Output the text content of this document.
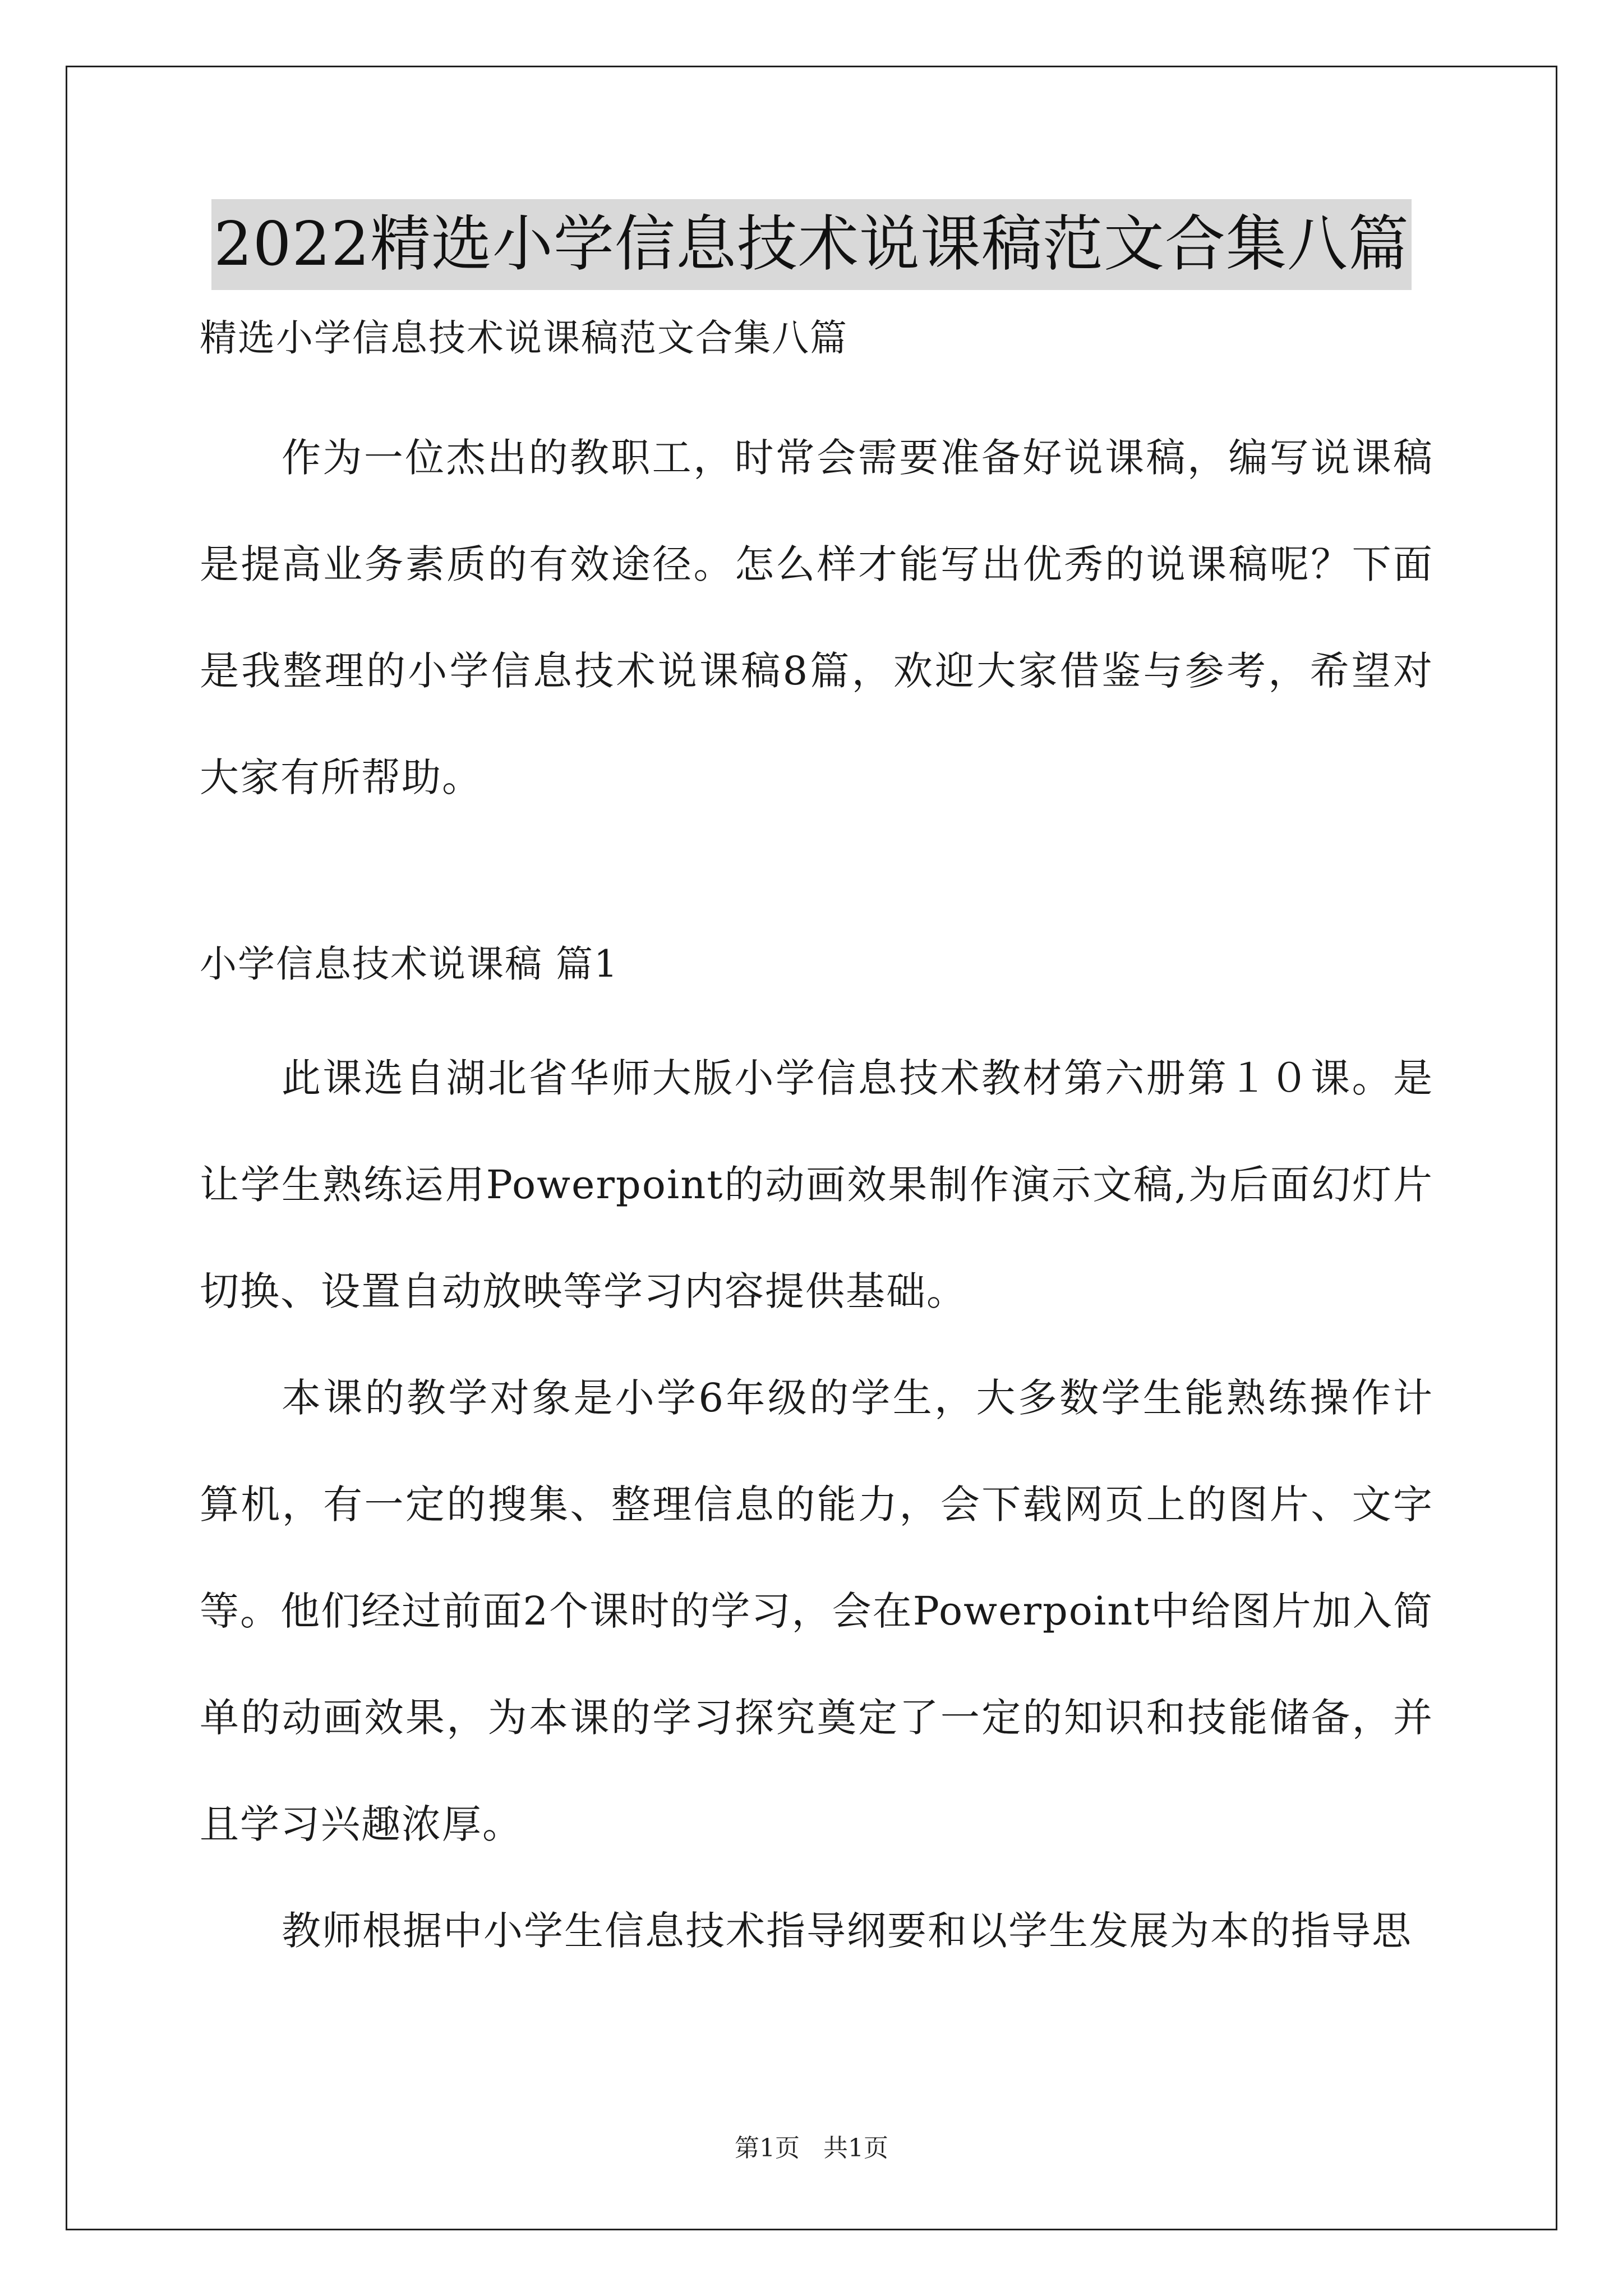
2022精选小学信息技术说课稿范文合集八篇

精选小学信息技术说课稿范文合集八篇

作为一位杰出的教职工，时常会需要准备好说课稿，编写说课稿是提高业务素质的有效途径。怎么样才能写出优秀的说课稿呢？下面是我整理的小学信息技术说课稿8篇，欢迎大家借鉴与参考，希望对大家有所帮助。

小学信息技术说课稿 篇1

此课选自湖北省华师大版小学信息技术教材第六册第１０课。是让学生熟练运用Powerpoint的动画效果制作演示文稿,为后面幻灯片切换、设置自动放映等学习内容提供基础。

本课的教学对象是小学6年级的学生，大多数学生能熟练操作计算机，有一定的搜集、整理信息的能力，会下载网页上的图片、文字等。他们经过前面2个课时的学习，会在Powerpoint中给图片加入简单的动画效果，为本课的学习探究奠定了一定的知识和技能储备，并且学习兴趣浓厚。

教师根据中小学生信息技术指导纲要和以学生发展为本的指导思

第1页 共1页
